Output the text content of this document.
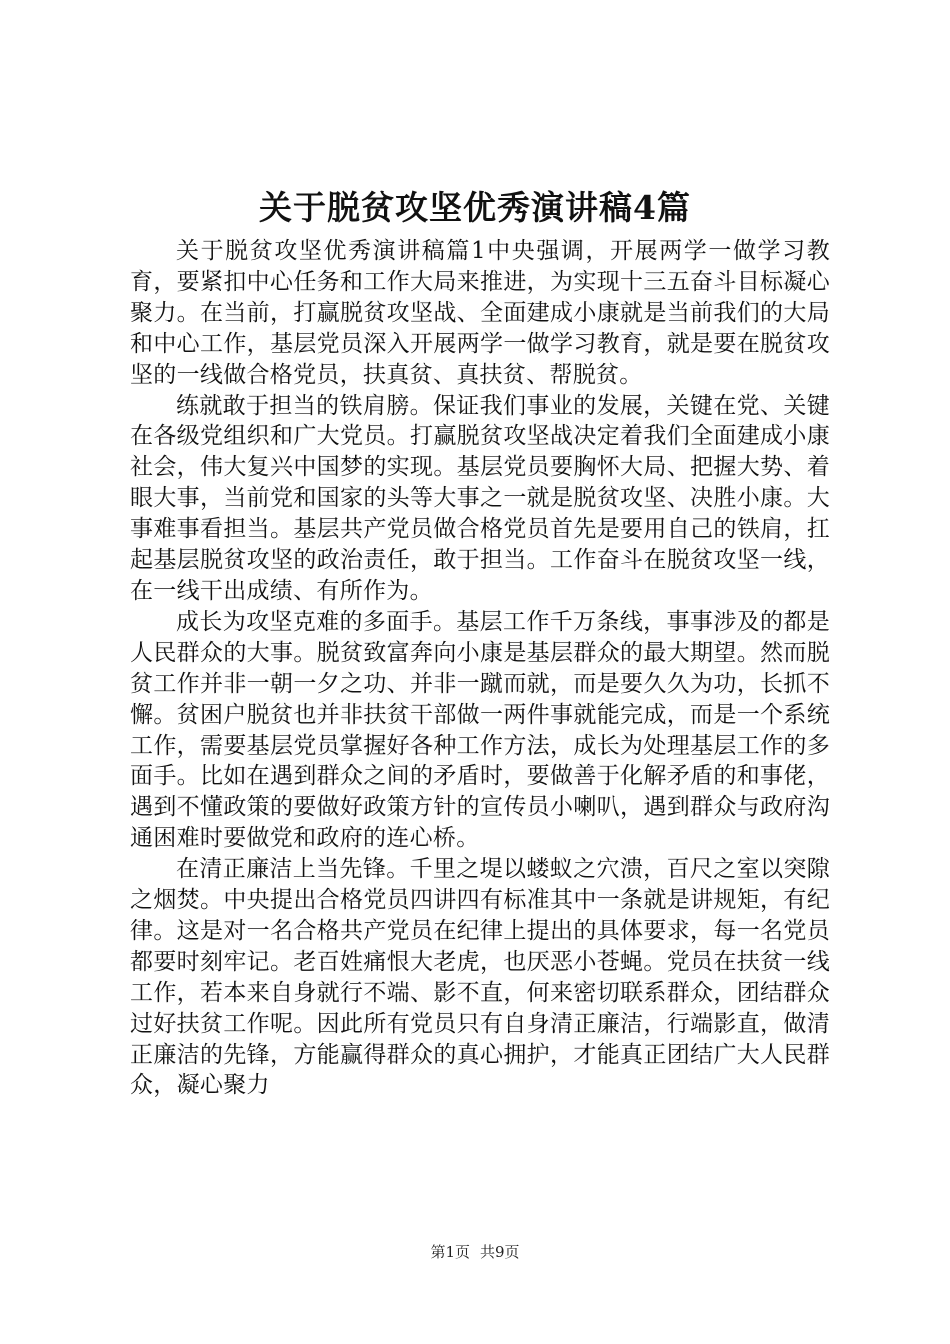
关于脱贫攻坚优秀演讲稿4篇

关于脱贫攻坚优秀演讲稿篇1中央强调，开展两学一做学习教育，要紧扣中心任务和工作大局来推进，为实现十三五奋斗目标凝心聚力。在当前，打赢脱贫攻坚战、全面建成小康就是当前我们的大局和中心工作，基层党员深入开展两学一做学习教育，就是要在脱贫攻坚的一线做合格党员，扶真贫、真扶贫、帮脱贫。

练就敢于担当的铁肩膀。保证我们事业的发展，关键在党、关键在各级党组织和广大党员。打赢脱贫攻坚战决定着我们全面建成小康社会，伟大复兴中国梦的实现。基层党员要胸怀大局、把握大势、着眼大事，当前党和国家的头等大事之一就是脱贫攻坚、决胜小康。大事难事看担当。基层共产党员做合格党员首先是要用自己的铁肩，扛起基层脱贫攻坚的政治责任，敢于担当。工作奋斗在脱贫攻坚一线，在一线干出成绩、有所作为。

成长为攻坚克难的多面手。基层工作千万条线，事事涉及的都是人民群众的大事。脱贫致富奔向小康是基层群众的最大期望。然而脱贫工作并非一朝一夕之功、并非一蹴而就，而是要久久为功，长抓不懈。贫困户脱贫也并非扶贫干部做一两件事就能完成，而是一个系统工作，需要基层党员掌握好各种工作方法，成长为处理基层工作的多面手。比如在遇到群众之间的矛盾时，要做善于化解矛盾的和事佬，遇到不懂政策的要做好政策方针的宣传员小喇叭，遇到群众与政府沟通困难时要做党和政府的连心桥。

在清正廉洁上当先锋。千里之堤以蝼蚁之穴溃，百尺之室以突隙之烟焚。中央提出合格党员四讲四有标准其中一条就是讲规矩，有纪律。这是对一名合格共产党员在纪律上提出的具体要求，每一名党员都要时刻牢记。老百姓痛恨大老虎，也厌恶小苍蝇。党员在扶贫一线工作，若本来自身就行不端、影不直，何来密切联系群众，团结群众过好扶贫工作呢。因此所有党员只有自身清正廉洁，行端影直，做清正廉洁的先锋，方能赢得群众的真心拥护，才能真正团结广大人民群众，凝心聚力

第1页 共9页
